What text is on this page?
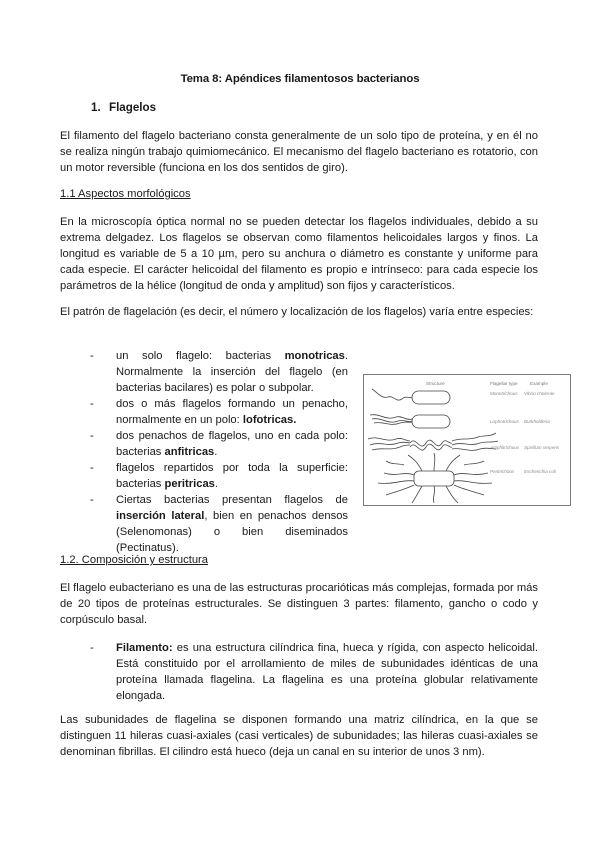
Tema 8: Apéndices filamentosos bacterianos
1. Flagelos

El filamento del flagelo bacteriano consta generalmente de un solo tipo de proteína, y en él no se realiza ningún trabajo quimiomecánico. El mecanismo del flagelo bacteriano es rotatorio, con un motor reversible (funciona en los dos sentidos de giro).

1.1 Aspectos morfológicos

En la microscopía óptica normal no se pueden detectar los flagelos individuales, debido a su extrema delgadez. Los flagelos se observan como filamentos helicoidales largos y finos. La longitud es variable de 5 a 10 µm, pero su anchura o diámetro es constante y uniforme para cada especie. El carácter helicoidal del filamento es propio e intrínseco: para cada especie los parámetros de la hélice (longitud de onda y amplitud) son fijos y característicos.

El patrón de flagelación (es decir, el número y localización de los flagelos) varía entre especies:

- un solo flagelo: bacterias monotricas. Normalmente la inserción del flagelo (en bacterias bacilares) es polar o subpolar.
- dos o más flagelos formando un penacho, normalmente en un polo: lofotricas.
- dos penachos de flagelos, uno en cada polo: bacterias anfitricas.
- flagelos repartidos por toda la superficie: bacterias peritricas.
- Ciertas bacterias presentan flagelos de inserción lateral, bien en penachos densos (Selenomonas) o bien diseminados (Pectinatus).
Structure	Flagellar type	Example
Monotrichous Vibrio cholerae
Lophotrichous Burkholderia
Amphitrichous Spirillum serpens
Peritrichous Escherichia coli

1.2. Composición y estructura

El flagelo eubacteriano es una de las estructuras procarióticas más complejas, formada por más de 20 tipos de proteínas estructurales. Se distinguen 3 partes: filamento, gancho o codo y corpúsculo basal.

- Filamento: es una estructura cilíndrica fina, hueca y rígida, con aspecto helicoidal. Está constituido por el arrollamiento de miles de subunidades idénticas de una proteína llamada flagelina. La flagelina es una proteína globular relativamente elongada.

Las subunidades de flagelina se disponen formando una matriz cilíndrica, en la que se distinguen 11 hileras cuasi-axiales (casi verticales) de subunidades; las hileras cuasi-axiales se denominan fibrillas. El cilindro está hueco (deja un canal en su interior de unos 3 nm).
